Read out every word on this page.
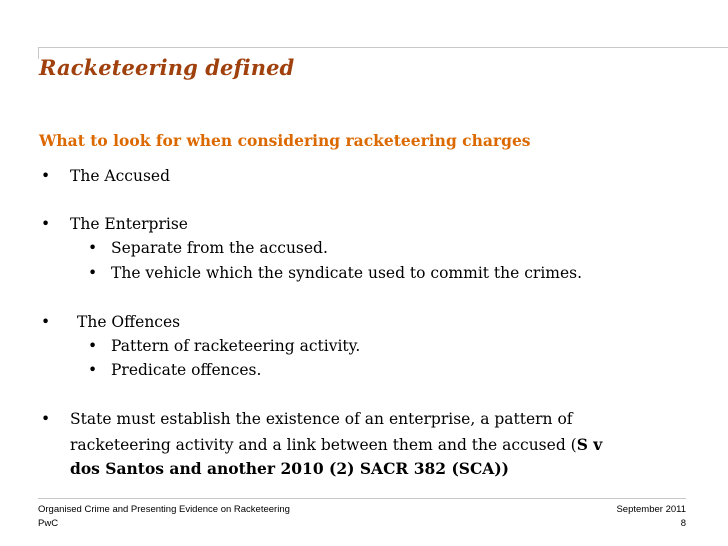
Racketeering defined
What to look for when considering racketeering charges
• The Accused
• The Enterprise
• Separate from the accused.
• The vehicle which the syndicate used to commit the crimes.
• The Offences
• Pattern of racketeering activity.
• Predicate offences.
• State must establish the existence of an enterprise, a pattern of
racketeering activity and a link between them and the accused (S v
dos Santos and another 2010 (2) SACR 382 (SCA))
Organised Crime and Presenting Evidence on Racketeering
PwC
September 2011
8
